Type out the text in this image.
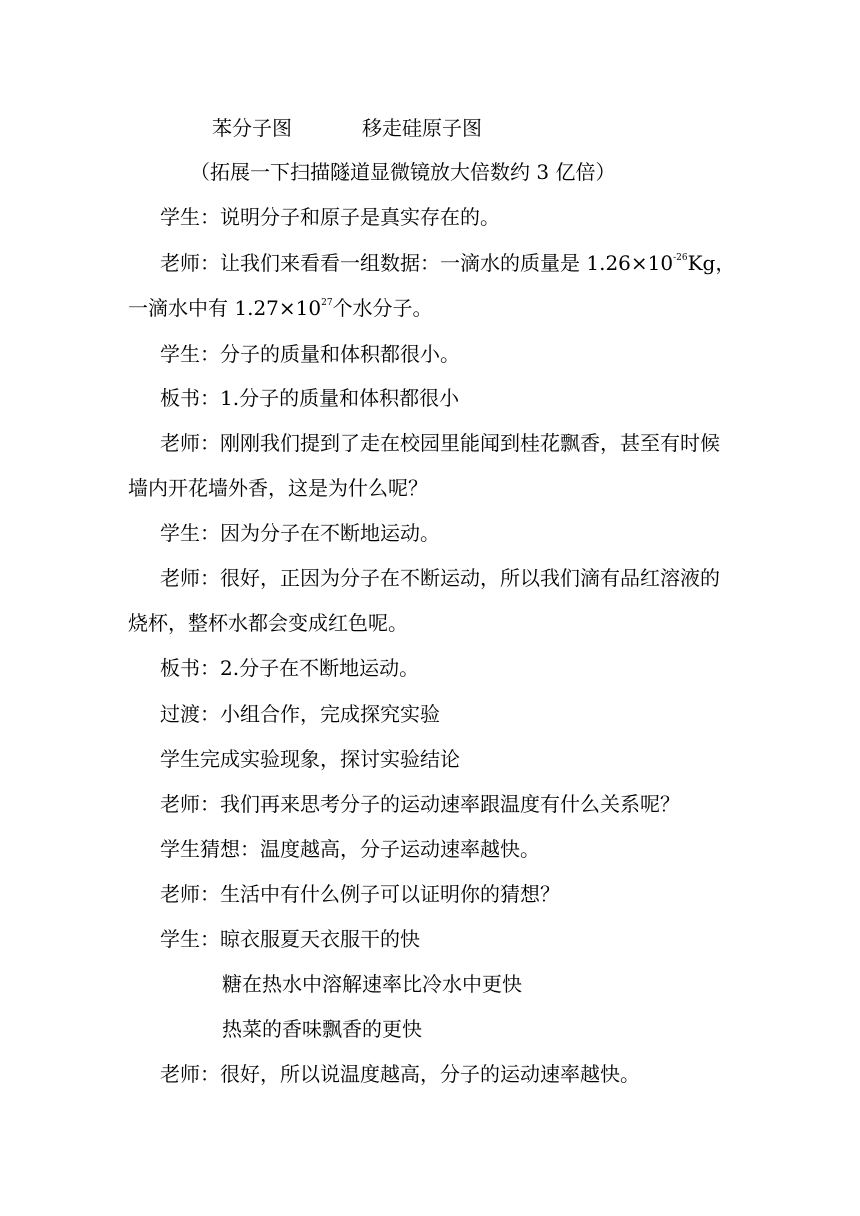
苯分子图	移走硅原子图
（拓展一下扫描隧道显微镜放大倍数约 3 亿倍）
学生：说明分子和原子是真实存在的。
老师：让我们来看看一组数据：一滴水的质量是 $1.26\times 10^{-26}Kg$，
一滴水中有 $1.27\times 10^{27}$个水分子。
学生：分子的质量和体积都很小。
板书：1.分子的质量和体积都很小
老师：刚刚我们提到了走在校园里能闻到桂花飘香，甚至有时候
墙内开花墙外香，这是为什么呢？
学生：因为分子在不断地运动。
老师：很好，正因为分子在不断运动，所以我们滴有品红溶液的
烧杯，整杯水都会变成红色呢。
板书：2.分子在不断地运动。
过渡：小组合作，完成探究实验
学生完成实验现象，探讨实验结论
老师：我们再来思考分子的运动速率跟温度有什么关系呢？
学生猜想：温度越高，分子运动速率越快。
老师：生活中有什么例子可以证明你的猜想？
学生：晾衣服夏天衣服干的快
糖在热水中溶解速率比冷水中更快
热菜的香味飘香的更快
老师：很好，所以说温度越高，分子的运动速率越快。
